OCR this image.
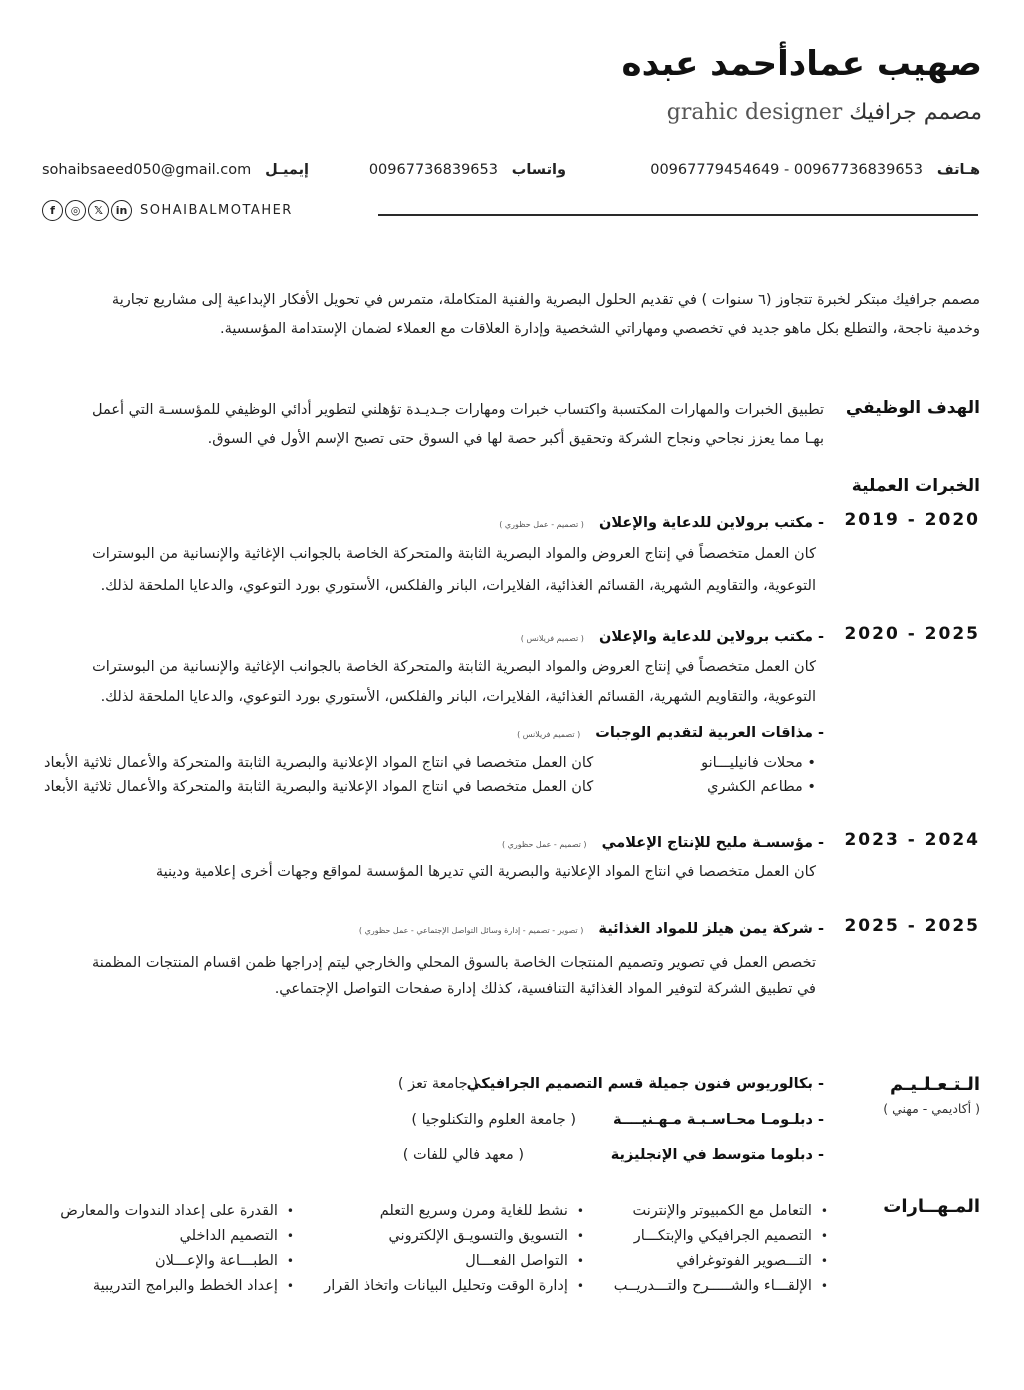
صهيب عمادأحمد عبده
مصمم جرافيك grahic designer
هـاتف   00967779454649 - 00967736839653
واتساب   00967736839653
إيميـل   sohaibsaeed050@gmail.com
f	◎	𝕏	in SOHAIBALMOTAHER
مصمم جرافيك مبتكر لخبرة تتجاوز (٦ سنوات ) في تقديم الحلول البصرية والفنية المتكاملة، متمرس في تحويل الأفكار الإبداعية إلى مشاريع تجارية
وخدمية ناجحة، والتطلع بكل ماهو جديد في تخصصي ومهاراتي الشخصية وإدارة العلاقات مع العملاء لضمان الإستدامة المؤسسية.
الهدف الوظيفي
تطبيق الخبرات والمهارات المكتسبة واكتساب خبرات ومهارات جـديـدة تؤهلني لتطوير أدائي الوظيفي للمؤسسـة التي أعمل
بهـا مما يعزز نجاحي ونجاح الشركة وتحقيق أكبر حصة لها في السوق حتى تصبح الإسم الأول في السوق.
الخبرات العملية
2019 - 2020
- مكتب برولاين للدعاية والإعلان ( تصميم - عمل حظوري )
كان العمل متخصصاً في إنتاج العروض والمواد البصرية الثابتة والمتحركة الخاصة بالجوانب الإغاثية والإنسانية من البوسترات
التوعوية، والتقاويم الشهرية، القسائم الغذائية، الفلايرات، البانر والفلكس، الأستوري بورد التوعوي، والدعايا الملحقة لذلك.
2020 - 2025
- مكتب برولاين للدعاية والإعلان ( تصميم فريلانس )
كان العمل متخصصاً في إنتاج العروض والمواد البصرية الثابتة والمتحركة الخاصة بالجوانب الإغاثية والإنسانية من البوسترات
التوعوية، والتقاويم الشهرية، القسائم الغذائية، الفلايرات، البانر والفلكس، الأستوري بورد التوعوي، والدعايا الملحقة لذلك.
- مذاقات العربية لتقديم الوجبات ( تصميم فريلانس )
• محلات فانيليـــانو
كان العمل متخصصا في انتاج المواد الإعلانية والبصرية الثابتة والمتحركة والأعمال ثلاثية الأبعاد
• مطاعم الكشري
كان العمل متخصصا في انتاج المواد الإعلانية والبصرية الثابتة والمتحركة والأعمال ثلاثية الأبعاد
2023 - 2024
- مؤسسـة مليح للإنتاج الإعلامي ( تصميم - عمل حظوري )
كان العمل متخصصا في انتاج المواد الإعلانية والبصرية التي تديرها المؤسسة لمواقع وجهات أخرى إعلامية ودينية
2025 - 2025
- شركة يمن هيلز للمواد الغذائية ( تصوير - تصميم - إدارة وسائل التواصل الإجتماعي - عمل حظوري )
تخصص العمل في تصوير وتصميم المنتجات الخاصة بالسوق المحلي والخارجي ليتم إدراجها ظمن اقسام المنتجات المظمنة
في تطبيق الشركة لتوفير المواد الغذائية التنافسية، كذلك إدارة صفحات التواصل الإجتماعي.
الـتـعـلـيـم
( أكاديمي - مهني )
- بكالوريوس فنون جميلة قسم التصميم الجرافيكي
( جامعة تعز )
- دبلـومـا محـاسـبـة مـهـنيــــة
( جامعة العلوم والتكنلوجيا )
- دبلوما متوسط في الإنجليزية
( معهد فالي للفات )
المـهــارات
• التعامل مع الكمبيوتر والإنترنت
• التصميم الجرافيكي والإبتكـــار
• التـــصوير الفوتوغرافي
• الإلقـــاء والشـــــرح والتـــدريــب
• نشط للغاية ومرن وسريع التعلم
• التسويق والتسويـق الإلكتروني
• التواصل الفعـــال
• إدارة الوقت وتحليل البيانات واتخاذ القرار
• القدرة على إعداد الندوات والمعارض
• التصميم الداخلي
• الطبـــاعة والإعـــلان
• إعداد الخطط والبرامج التدريبية
